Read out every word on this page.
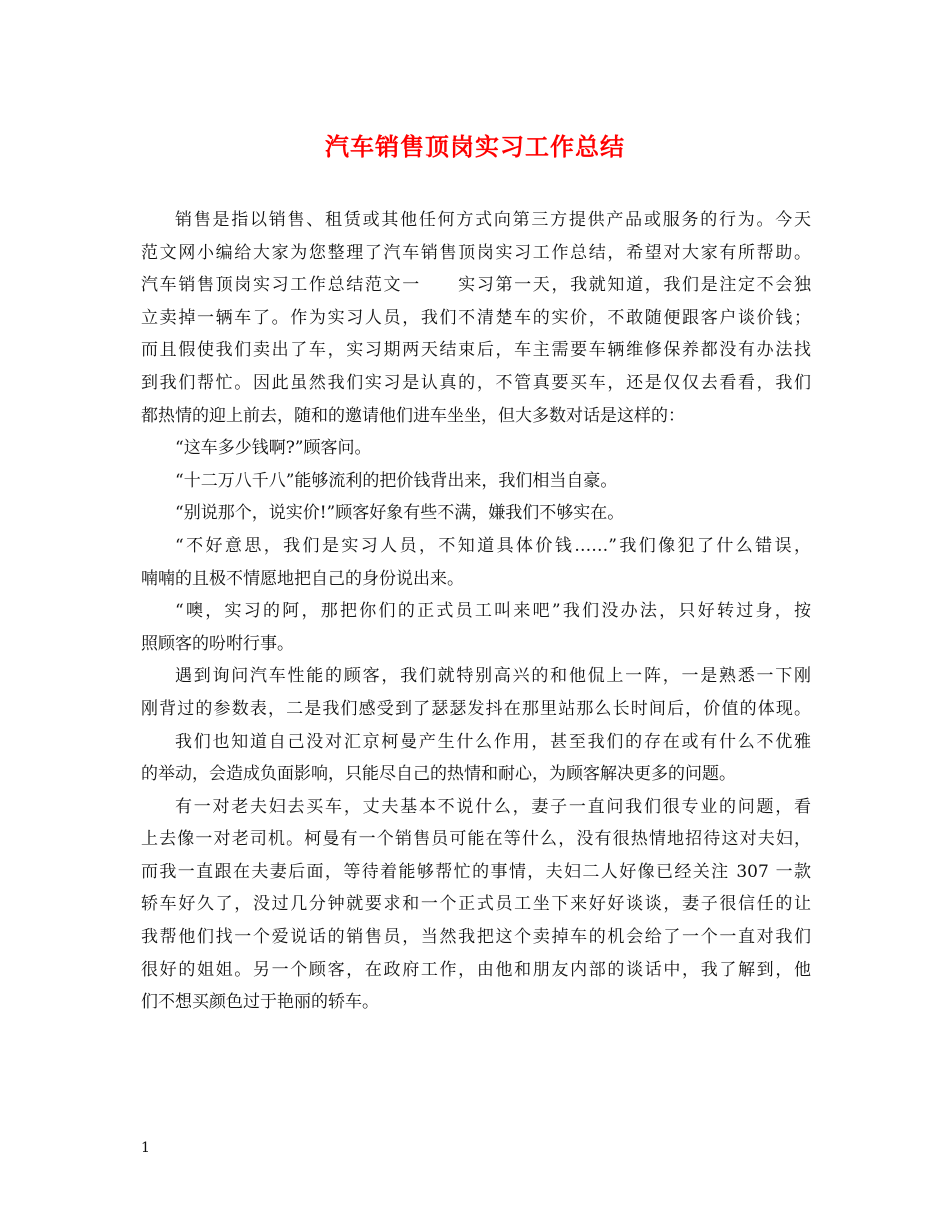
汽车销售顶岗实习工作总结
销售是指以销售、租赁或其他任何方式向第三方提供产品或服务的行为。今天
范文网小编给大家为您整理了汽车销售顶岗实习工作总结，希望对大家有所帮助。
汽车销售顶岗实习工作总结范文一　　实习第一天，我就知道，我们是注定不会独
立卖掉一辆车了。作为实习人员，我们不清楚车的实价，不敢随便跟客户谈价钱；
而且假使我们卖出了车，实习期两天结束后，车主需要车辆维修保养都没有办法找
到我们帮忙。因此虽然我们实习是认真的，不管真要买车，还是仅仅去看看，我们
都热情的迎上前去，随和的邀请他们进车坐坐，但大多数对话是这样的：
“这车多少钱啊?”顾客问。
“十二万八千八”能够流利的把价钱背出来，我们相当自豪。
“别说那个，说实价!”顾客好象有些不满，嫌我们不够实在。
“不好意思，我们是实习人员，不知道具体价钱……”我们像犯了什么错误，
喃喃的且极不情愿地把自己的身份说出来。
“噢，实习的阿，那把你们的正式员工叫来吧”我们没办法，只好转过身，按
照顾客的吩咐行事。
遇到询问汽车性能的顾客，我们就特别高兴的和他侃上一阵，一是熟悉一下刚
刚背过的参数表，二是我们感受到了瑟瑟发抖在那里站那么长时间后，价值的体现。
我们也知道自己没对汇京柯曼产生什么作用，甚至我们的存在或有什么不优雅
的举动，会造成负面影响，只能尽自己的热情和耐心，为顾客解决更多的问题。
有一对老夫妇去买车，丈夫基本不说什么，妻子一直问我们很专业的问题，看
上去像一对老司机。柯曼有一个销售员可能在等什么，没有很热情地招待这对夫妇，
而我一直跟在夫妻后面，等待着能够帮忙的事情，夫妇二人好像已经关注 307 一款
轿车好久了，没过几分钟就要求和一个正式员工坐下来好好谈谈，妻子很信任的让
我帮他们找一个爱说话的销售员，当然我把这个卖掉车的机会给了一个一直对我们
很好的姐姐。另一个顾客，在政府工作，由他和朋友内部的谈话中，我了解到，他
们不想买颜色过于艳丽的轿车。
1
